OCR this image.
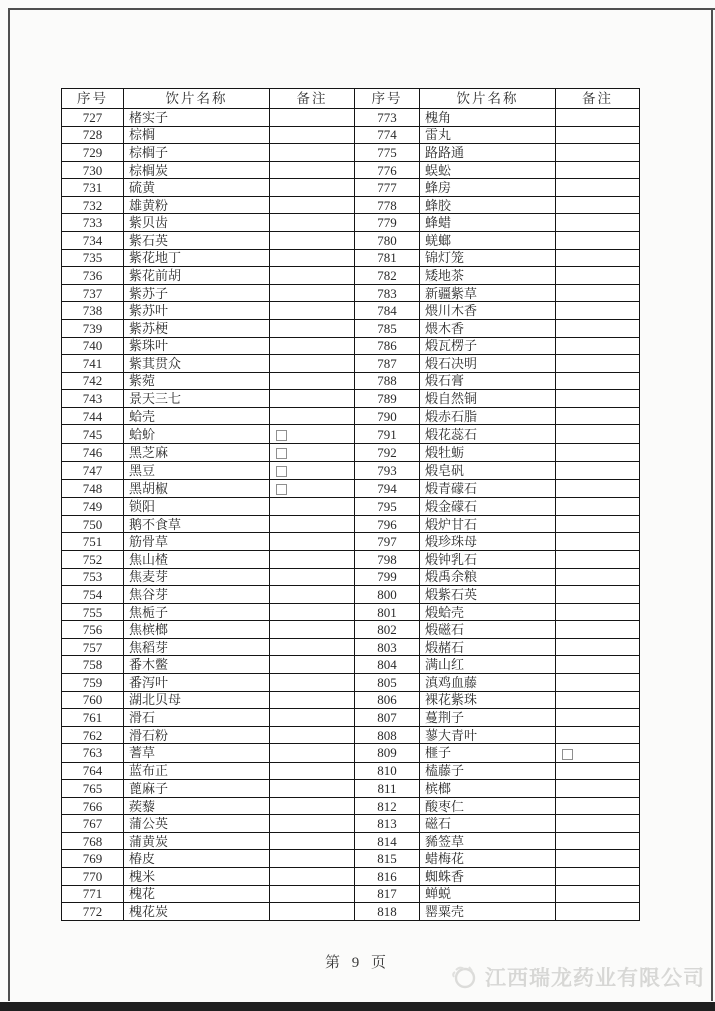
序号	饮片名称	备注	序号	饮片名称	备注
727	楮实子		773	槐角	
728	棕榈		774	雷丸	
729	棕榈子		775	路路通	
730	棕榈炭		776	蜈蚣	
731	硫黄		777	蜂房	
732	雄黄粉		778	蜂胶	
733	紫贝齿		779	蜂蜡	
734	紫石英		780	蜣螂	
735	紫花地丁		781	锦灯笼	
736	紫花前胡		782	矮地茶	
737	紫苏子		783	新疆紫草	
738	紫苏叶		784	煨川木香	
739	紫苏梗		785	煨木香	
740	紫珠叶		786	煅瓦楞子	
741	紫萁贯众		787	煅石决明	
742	紫菀		788	煅石膏	
743	景天三七		789	煅自然铜	
744	蛤壳		790	煅赤石脂	
745	蛤蚧		791	煅花蕊石	
746	黑芝麻		792	煅牡蛎	
747	黑豆		793	煅皂矾	
748	黑胡椒		794	煅青礞石	
749	锁阳		795	煅金礞石	
750	鹅不食草		796	煅炉甘石	
751	筋骨草		797	煅珍珠母	
752	焦山楂		798	煅钟乳石	
753	焦麦芽		799	煅禹余粮	
754	焦谷芽		800	煅紫石英	
755	焦栀子		801	煅蛤壳	
756	焦槟榔		802	煅磁石	
757	焦稻芽		803	煅赭石	
758	番木鳖		804	满山红	
759	番泻叶		805	滇鸡血藤	
760	湖北贝母		806	裸花紫珠	
761	滑石		807	蔓荆子	
762	滑石粉		808	蓼大青叶	
763	蓍草		809	榧子	
764	蓝布正		810	榼藤子	
765	蓖麻子		811	槟榔	
766	蒺藜		812	酸枣仁	
767	蒲公英		813	磁石	
768	蒲黄炭		814	豨签草	
769	椿皮		815	蜡梅花	
770	槐米		816	蜘蛛香	
771	槐花		817	蝉蜕	
772	槐花炭		818	罂粟壳	
第 9 页
江西瑞龙药业有限公司
